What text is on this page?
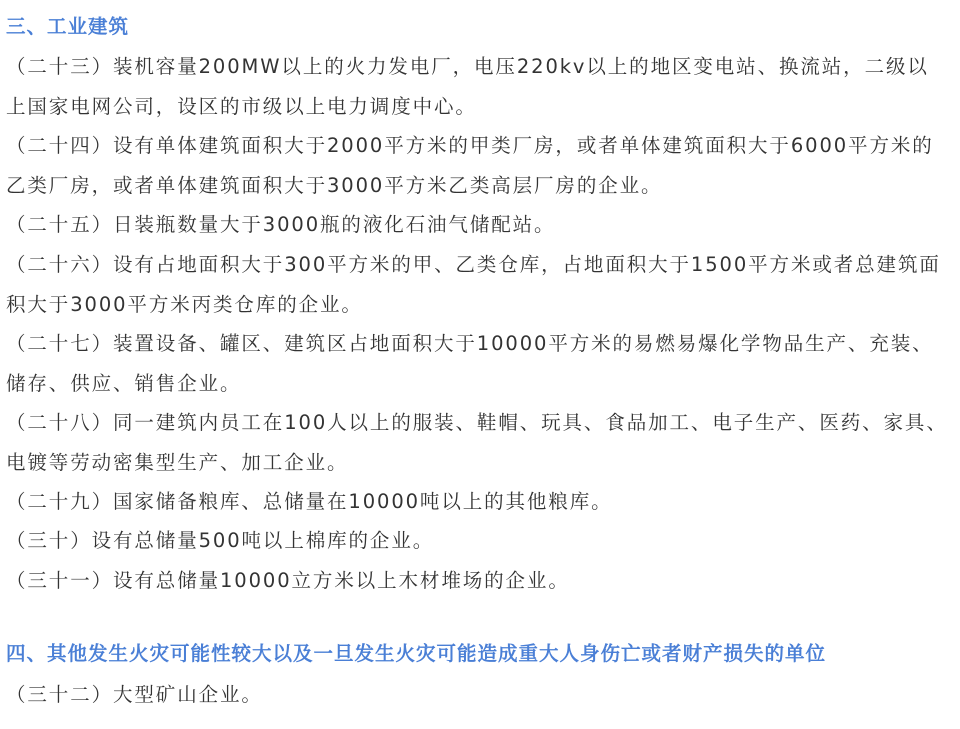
三、工业建筑

（二十三）装机容量200MW以上的火力发电厂，电压220kv以上的地区变电站、换流站，二级以上国家电网公司，设区的市级以上电力调度中心。

（二十四）设有单体建筑面积大于2000平方米的甲类厂房，或者单体建筑面积大于6000平方米的乙类厂房，或者单体建筑面积大于3000平方米乙类高层厂房的企业。

（二十五）日装瓶数量大于3000瓶的液化石油气储配站。

（二十六）设有占地面积大于300平方米的甲、乙类仓库，占地面积大于1500平方米或者总建筑面积大于3000平方米丙类仓库的企业。

（二十七）装置设备、罐区、建筑区占地面积大于10000平方米的易燃易爆化学物品生产、充装、储存、供应、销售企业。

（二十八）同一建筑内员工在100人以上的服装、鞋帽、玩具、食品加工、电子生产、医药、家具、电镀等劳动密集型生产、加工企业。

（二十九）国家储备粮库、总储量在10000吨以上的其他粮库。

（三十）设有总储量500吨以上棉库的企业。

（三十一）设有总储量10000立方米以上木材堆场的企业。

四、其他发生火灾可能性较大以及一旦发生火灾可能造成重大人身伤亡或者财产损失的单位

（三十二）大型矿山企业。
